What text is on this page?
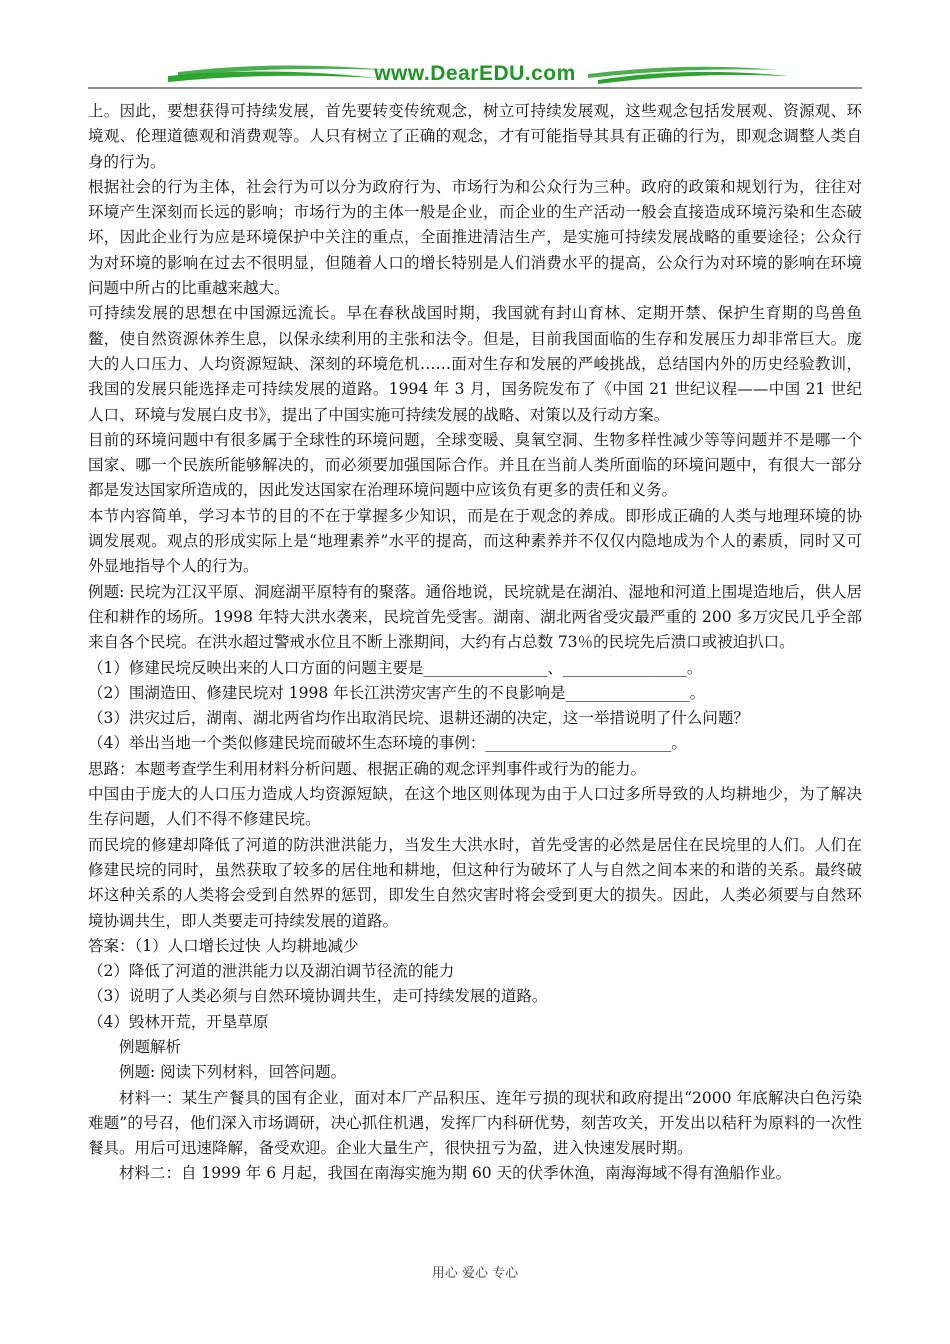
www.DearEDU.com

上。因此，要想获得可持续发展，首先要转变传统观念，树立可持续发展观，这些观念包括发展观、资源观、环境观、伦理道德观和消费观等。人只有树立了正确的观念，才有可能指导其具有正确的行为，即观念调整人类自身的行为。

根据社会的行为主体，社会行为可以分为政府行为、市场行为和公众行为三种。政府的政策和规划行为，往往对环境产生深刻而长远的影响；市场行为的主体一般是企业，而企业的生产活动一般会直接造成环境污染和生态破坏，因此企业行为应是环境保护中关注的重点，全面推进清洁生产，是实施可持续发展战略的重要途径；公众行为对环境的影响在过去不很明显，但随着人口的增长特别是人们消费水平的提高，公众行为对环境的影响在环境问题中所占的比重越来越大。

可持续发展的思想在中国源远流长。早在春秋战国时期，我国就有封山育林、定期开禁、保护生育期的鸟兽鱼鳖，使自然资源休养生息，以保永续利用的主张和法令。但是，目前我国面临的生存和发展压力却非常巨大。庞大的人口压力、人均资源短缺、深刻的环境危机……面对生存和发展的严峻挑战，总结国内外的历史经验教训，我国的发展只能选择走可持续发展的道路。1994 年 3 月，国务院发布了《中国 21 世纪议程——中国 21 世纪人口、环境与发展白皮书》，提出了中国实施可持续发展的战略、对策以及行动方案。

目前的环境问题中有很多属于全球性的环境问题，全球变暖、臭氧空洞、生物多样性减少等等问题并不是哪一个国家、哪一个民族所能够解决的，而必须要加强国际合作。并且在当前人类所面临的环境问题中，有很大一部分都是发达国家所造成的，因此发达国家在治理环境问题中应该负有更多的责任和义务。

本节内容简单，学习本节的目的不在于掌握多少知识，而是在于观念的养成。即形成正确的人类与地理环境的协调发展观。观点的形成实际上是“地理素养”水平的提高，而这种素养并不仅仅内隐地成为个人的素质，同时又可外显地指导个人的行为。

例题: 民垸为江汉平原、洞庭湖平原特有的聚落。通俗地说，民垸就是在湖泊、湿地和河道上围堤造地后，供人居住和耕作的场所。1998 年特大洪水袭来，民垸首先受害。湖南、湖北两省受灾最严重的 200 多万灾民几乎全部来自各个民垸。在洪水超过警戒水位且不断上涨期间，大约有占总数 73％的民垸先后溃口或被迫扒口。

（1）修建民垸反映出来的人口方面的问题主要是________________、________________。

（2）围湖造田、修建民垸对 1998 年长江洪涝灾害产生的不良影响是________________。

（3）洪灾过后，湖南、湖北两省均作出取消民垸、退耕还湖的决定，这一举措说明了什么问题？

（4）举出当地一个类似修建民垸而破坏生态环境的事例：________________________。

思路：本题考查学生利用材料分析问题、根据正确的观念评判事件或行为的能力。

中国由于庞大的人口压力造成人均资源短缺，在这个地区则体现为由于人口过多所导致的人均耕地少，为了解决生存问题，人们不得不修建民垸。

而民垸的修建却降低了河道的防洪泄洪能力，当发生大洪水时，首先受害的必然是居住在民垸里的人们。人们在修建民垸的同时，虽然获取了较多的居住地和耕地，但这种行为破坏了人与自然之间本来的和谐的关系。最终破坏这种关系的人类将会受到自然界的惩罚，即发生自然灾害时将会受到更大的损失。因此，人类必须要与自然环境协调共生，即人类要走可持续发展的道路。

答案：（1）人口增长过快 人均耕地减少

（2）降低了河道的泄洪能力以及湖泊调节径流的能力

（3）说明了人类必须与自然环境协调共生，走可持续发展的道路。

（4）毁林开荒，开垦草原

例题解析

例题: 阅读下列材料，回答问题。

材料一：某生产餐具的国有企业，面对本厂产品积压、连年亏损的现状和政府提出“2000 年底解决白色污染难题”的号召，他们深入市场调研，决心抓住机遇，发挥厂内科研优势，刻苦攻关，开发出以秸秆为原料的一次性餐具。用后可迅速降解，备受欢迎。企业大量生产，很快扭亏为盈，进入快速发展时期。

材料二：自 1999 年 6 月起，我国在南海实施为期 60 天的伏季休渔，南海海域不得有渔船作业。

用心 爱心 专心
